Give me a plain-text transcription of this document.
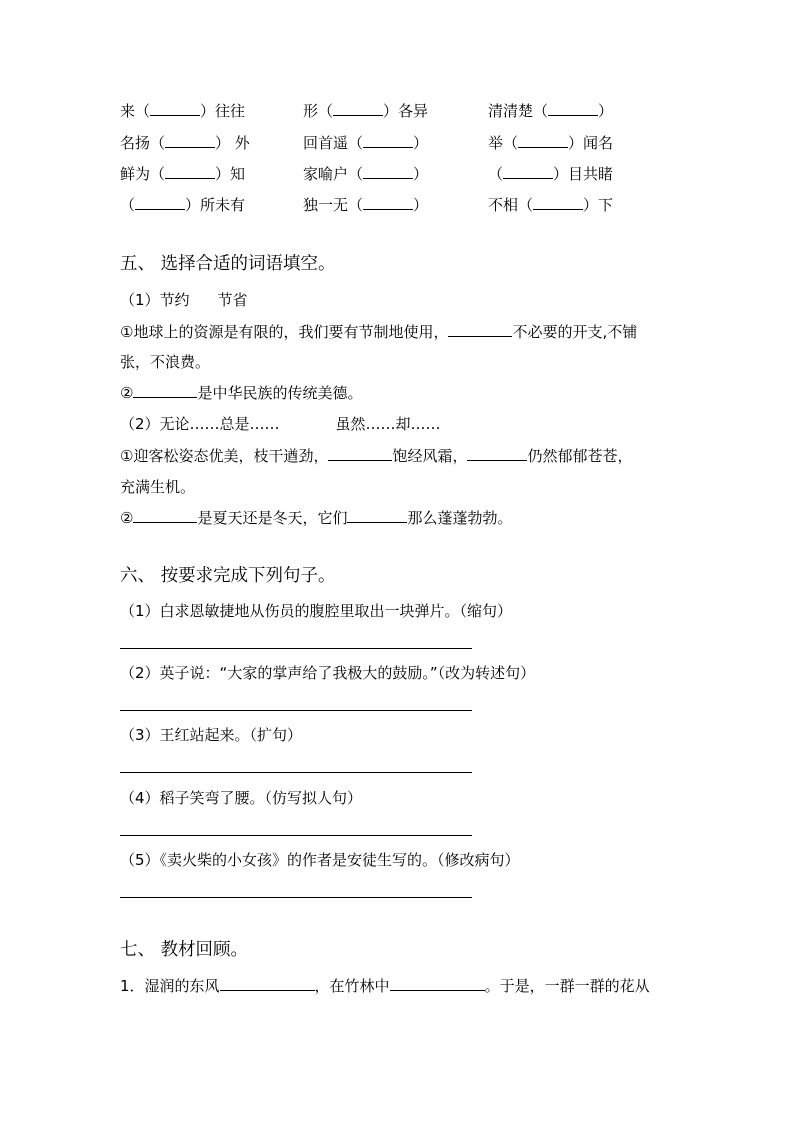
来（	）往往	形（	）各异	清清楚（	）
名扬（	） 外	回首遥（	）	举（	）闻名
鲜为（	）知	家喻户（	）	（	）目共睹
（	）所未有	独一无（	）	不相（	）下
五、 选择合适的词语填空。
（1）节约 节省
①地球上的资源是有限的，我们要有节制地使用，	不必要的开支,不铺
张，不浪费。
②	是中华民族的传统美德。
（2）无论……总是……	虽然……却……
①迎客松姿态优美，枝干遒劲，	饱经风霜，	仍然郁郁苍苍，
充满生机。
②	是夏天还是冬天，它们	那么蓬蓬勃勃。
六、 按要求完成下列句子。
（1）白求恩敏捷地从伤员的腹腔里取出一块弹片。（缩句）
（2）英子说：“大家的掌声给了我极大的鼓励。”（改为转述句）
（3）王红站起来。（扩句）
（4）稻子笑弯了腰。（仿写拟人句）
（5）《卖火柴的小女孩》的作者是安徒生写的。（修改病句）
七、 教材回顾。
1．湿润的东风	，在竹林中	。于是，一群一群的花从
